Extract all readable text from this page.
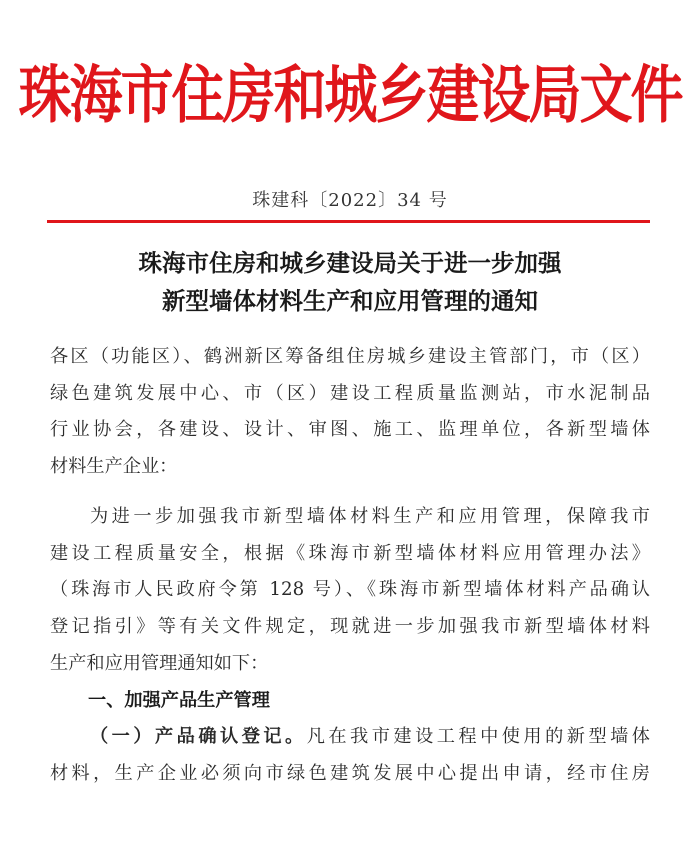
珠海市住房和城乡建设局文件
珠建科〔2022〕34 号
珠海市住房和城乡建设局关于进一步加强
新型墙体材料生产和应用管理的通知
各区（功能区）、鹤洲新区筹备组住房城乡建设主管部门，市（区）
绿色建筑发展中心、市（区）建设工程质量监测站，市水泥制品
行业协会，各建设、设计、审图、施工、监理单位，各新型墙体
材料生产企业：
为进一步加强我市新型墙体材料生产和应用管理，保障我市
建设工程质量安全，根据《珠海市新型墙体材料应用管理办法》
（珠海市人民政府令第 128 号）、《珠海市新型墙体材料产品确认
登记指引》等有关文件规定，现就进一步加强我市新型墙体材料
生产和应用管理通知如下：
一、加强产品生产管理
（一）产品确认登记。凡在我市建设工程中使用的新型墙体
材料，生产企业必须向市绿色建筑发展中心提出申请，经市住房
